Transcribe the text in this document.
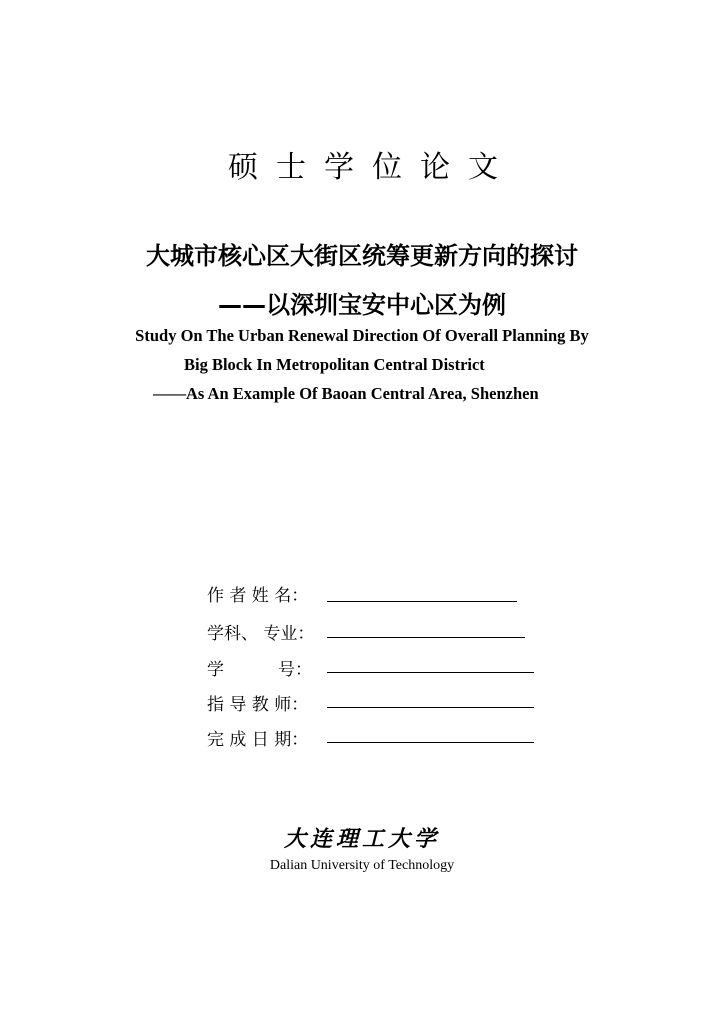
硕士学位论文
大城市核心区大街区统筹更新方向的探讨
——以深圳宝安中心区为例
Study On The Urban Renewal Direction Of Overall Planning By
Big Block In Metropolitan Central District
——As An Example Of Baoan Central Area, Shenzhen
作 者 姓 名：
学科、 专业：
学          号：
指 导 教 师：
完 成 日 期：
大连理工大学
Dalian University of Technology
